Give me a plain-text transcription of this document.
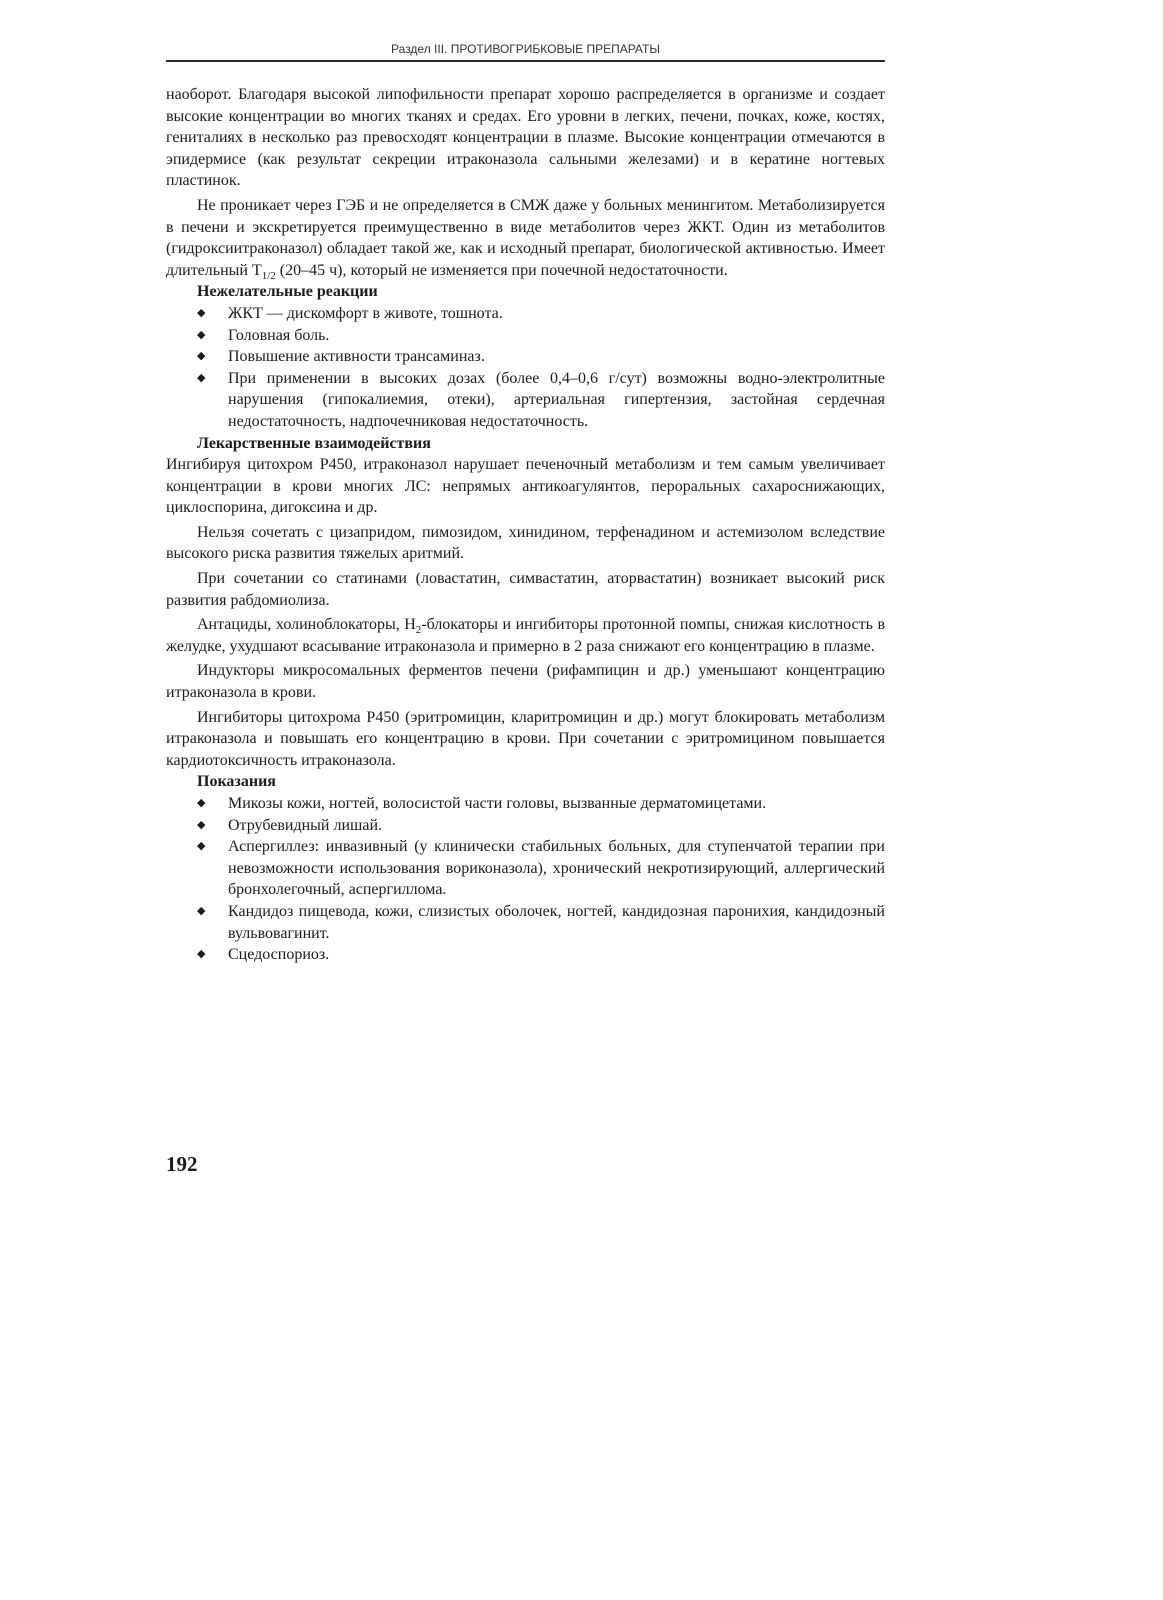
Раздел III. ПРОТИВОГРИБКОВЫЕ ПРЕПАРАТЫ

наоборот. Благодаря высокой липофильности препарат хорошо распределяется в организме и создает высокие концентрации во многих тканях и средах. Его уровни в легких, печени, почках, коже, костях, гениталиях в несколько раз превосходят концентрации в плазме. Высокие концентрации отмечаются в эпидермисе (как результат секреции итраконазола сальными железами) и в кератине ногтевых пластинок.

Не проникает через ГЭБ и не определяется в СМЖ даже у больных менингитом. Метаболизируется в печени и экскретируется преимущественно в виде метаболитов через ЖКТ. Один из метаболитов (гидроксиитраконазол) обладает такой же, как и исходный препарат, биологической активностью. Имеет длительный $T_{1/2}$ (20–45 ч), который не изменяется при почечной недостаточности.

Нежелательные реакции

◆ ЖКТ — дискомфорт в животе, тошнота.
◆ Головная боль.
◆ Повышение активности трансаминаз.
◆ При применении в высоких дозах (более 0,4–0,6 г/сут) возможны водно-электролитные нарушения (гипокалиемия, отеки), артериальная гипертензия, застойная сердечная недостаточность, надпочечниковая недостаточность.

Лекарственные взаимодействия

Ингибируя цитохром Р450, итраконазол нарушает печеночный метаболизм и тем самым увеличивает концентрации в крови многих ЛС: непрямых антикоагулянтов, пероральных сахароснижающих, циклоспорина, дигоксина и др.

Нельзя сочетать с цизапридом, пимозидом, хинидином, терфенадином и астемизолом вследствие высокого риска развития тяжелых аритмий.

При сочетании со статинами (ловастатин, симвастатин, аторвастатин) возникает высокий риск развития рабдомиолиза.

Антациды, холиноблокаторы, $H_2$-блокаторы и ингибиторы протонной помпы, снижая кислотность в желудке, ухудшают всасывание итраконазола и примерно в 2 раза снижают его концентрацию в плазме.

Индукторы микросомальных ферментов печени (рифампицин и др.) уменьшают концентрацию итраконазола в крови.

Ингибиторы цитохрома Р450 (эритромицин, кларитромицин и др.) могут блокировать метаболизм итраконазола и повышать его концентрацию в крови. При сочетании с эритромицином повышается кардиотоксичность итраконазола.

Показания

◆ Микозы кожи, ногтей, волосистой части головы, вызванные дерматомицетами.
◆ Отрубевидный лишай.
◆ Аспергиллез: инвазивный (у клинически стабильных больных, для ступенчатой терапии при невозможности использования вориконазола), хронический некротизирующий, аллергический бронхолегочный, аспергиллома.
◆ Кандидоз пищевода, кожи, слизистых оболочек, ногтей, кандидозная паронихия, кандидозный вульвовагинит.
◆ Сцедоспориоз.
192
